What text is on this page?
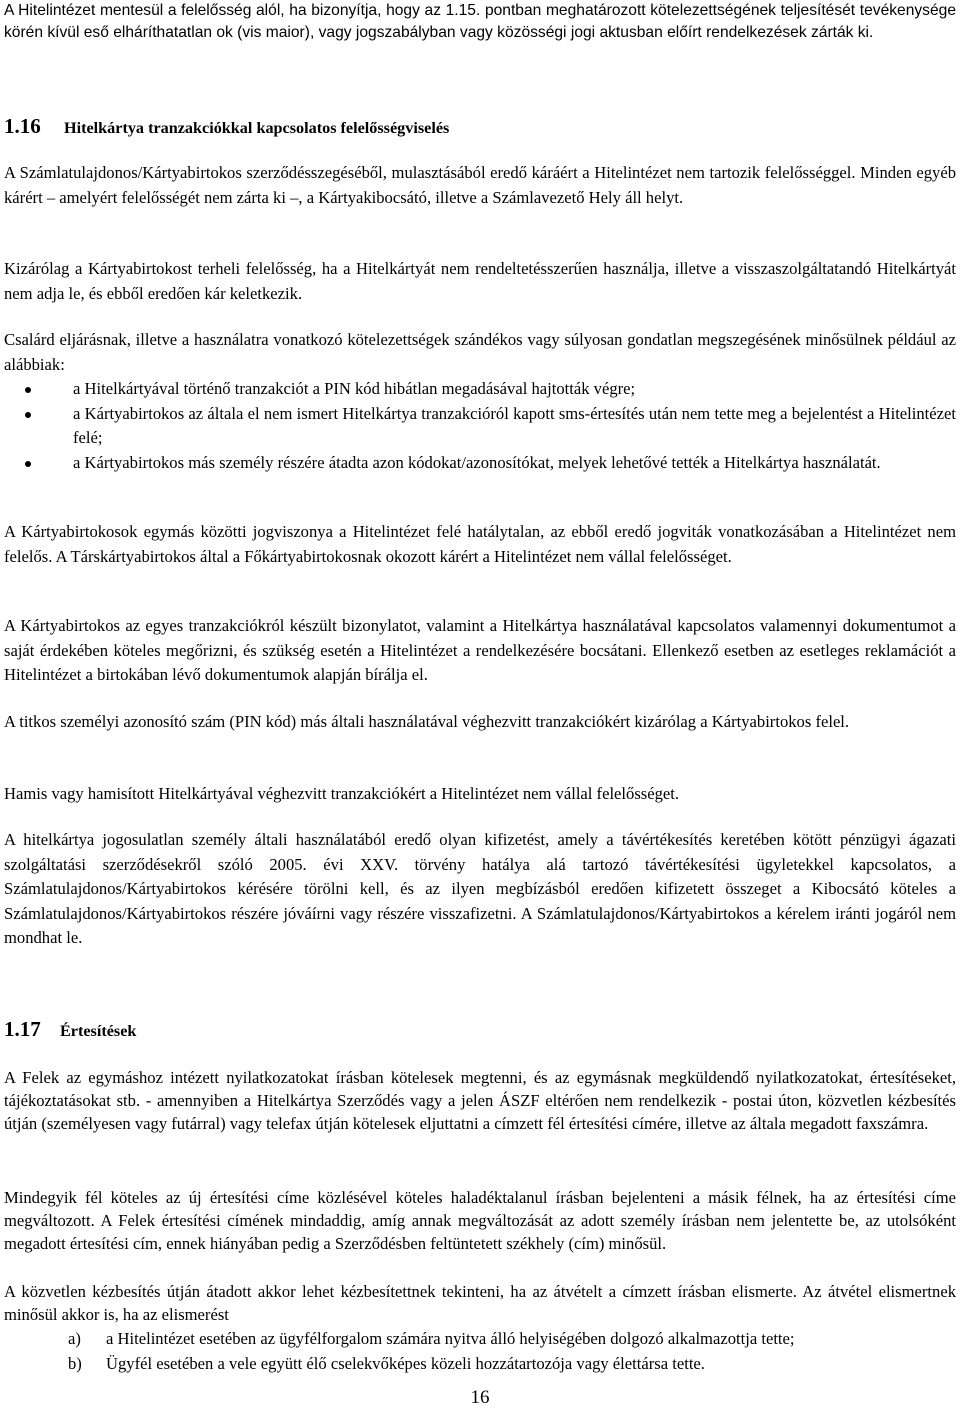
A Hitelintézet mentesül a felelősség alól, ha bizonyítja, hogy az 1.15. pontban meghatározott kötelezettségének teljesítését tevékenysége körén kívül eső elháríthatatlan ok (vis maior), vagy jogszabályban vagy közösségi jogi aktusban előírt rendelkezések zárták ki.

1.16 Hitelkártya tranzakciókkal kapcsolatos felelősségviselés

A Számlatulajdonos/Kártyabirtokos szerződésszegéséből, mulasztásából eredő káráért a Hitelintézet nem tartozik felelősséggel. Minden egyéb kárért – amelyért felelősségét nem zárta ki –, a Kártyakibocsátó, illetve a Számlavezető Hely áll helyt.

Kizárólag a Kártyabirtokost terheli felelősség, ha a Hitelkártyát nem rendeltetésszerűen használja, illetve a visszaszolgáltatandó Hitelkártyát nem adja le, és ebből eredően kár keletkezik.

Csalárd eljárásnak, illetve a használatra vonatkozó kötelezettségek szándékos vagy súlyosan gondatlan megszegésének minősülnek például az alábbiak:

a Hitelkártyával történő tranzakciót a PIN kód hibátlan megadásával hajtották végre;
a Kártyabirtokos az általa el nem ismert Hitelkártya tranzakcióról kapott sms-értesítés után nem tette meg a bejelentést a Hitelintézet felé;
a Kártyabirtokos más személy részére átadta azon kódokat/azonosítókat, melyek lehetővé tették a Hitelkártya használatát.

A Kártyabirtokosok egymás közötti jogviszonya a Hitelintézet felé hatálytalan, az ebből eredő jogviták vonatkozásában a Hitelintézet nem felelős. A Társkártyabirtokos által a Főkártyabirtokosnak okozott kárért a Hitelintézet nem vállal felelősséget.

A Kártyabirtokos az egyes tranzakciókról készült bizonylatot, valamint a Hitelkártya használatával kapcsolatos valamennyi dokumentumot a saját érdekében köteles megőrizni, és szükség esetén a Hitelintézet a rendelkezésére bocsátani. Ellenkező esetben az esetleges reklamációt a Hitelintézet a birtokában lévő dokumentumok alapján bírálja el.

A titkos személyi azonosító szám (PIN kód) más általi használatával véghezvitt tranzakciókért kizárólag a Kártyabirtokos felel.

Hamis vagy hamisított Hitelkártyával véghezvitt tranzakciókért a Hitelintézet nem vállal felelősséget.

A hitelkártya jogosulatlan személy általi használatából eredő olyan kifizetést, amely a távértékesítés keretében kötött pénzügyi ágazati szolgáltatási szerződésekről szóló 2005. évi XXV. törvény hatálya alá tartozó távértékesítési ügyletekkel kapcsolatos, a Számlatulajdonos/Kártyabirtokos kérésére törölni kell, és az ilyen megbízásból eredően kifizetett összeget a Kibocsátó köteles a Számlatulajdonos/Kártyabirtokos részére jóváírni vagy részére visszafizetni. A Számlatulajdonos/Kártyabirtokos a kérelem iránti jogáról nem mondhat le.

1.17 Értesítések

A Felek az egymáshoz intézett nyilatkozatokat írásban kötelesek megtenni, és az egymásnak megküldendő nyilatkozatokat, értesítéseket, tájékoztatásokat stb. - amennyiben a Hitelkártya Szerződés vagy a jelen ÁSZF eltérően nem rendelkezik - postai úton, közvetlen kézbesítés útján (személyesen vagy futárral) vagy telefax útján kötelesek eljuttatni a címzett fél értesítési címére, illetve az általa megadott faxszámra.

Mindegyik fél köteles az új értesítési címe közlésével köteles haladéktalanul írásban bejelenteni a másik félnek, ha az értesítési címe megváltozott. A Felek értesítési címének mindaddig, amíg annak megváltozását az adott személy írásban nem jelentette be, az utolsóként megadott értesítési cím, ennek hiányában pedig a Szerződésben feltüntetett székhely (cím) minősül.

A közvetlen kézbesítés útján átadott akkor lehet kézbesítettnek tekinteni, ha az átvételt a címzett írásban elismerte. Az átvétel elismertnek minősül akkor is, ha az elismerést

a) a Hitelintézet esetében az ügyfélforgalom számára nyitva álló helyiségében dolgozó alkalmazottja tette;
b) Ügyfél esetében a vele együtt élő cselekvőképes közeli hozzátartozója vagy élettársa tette.
16
